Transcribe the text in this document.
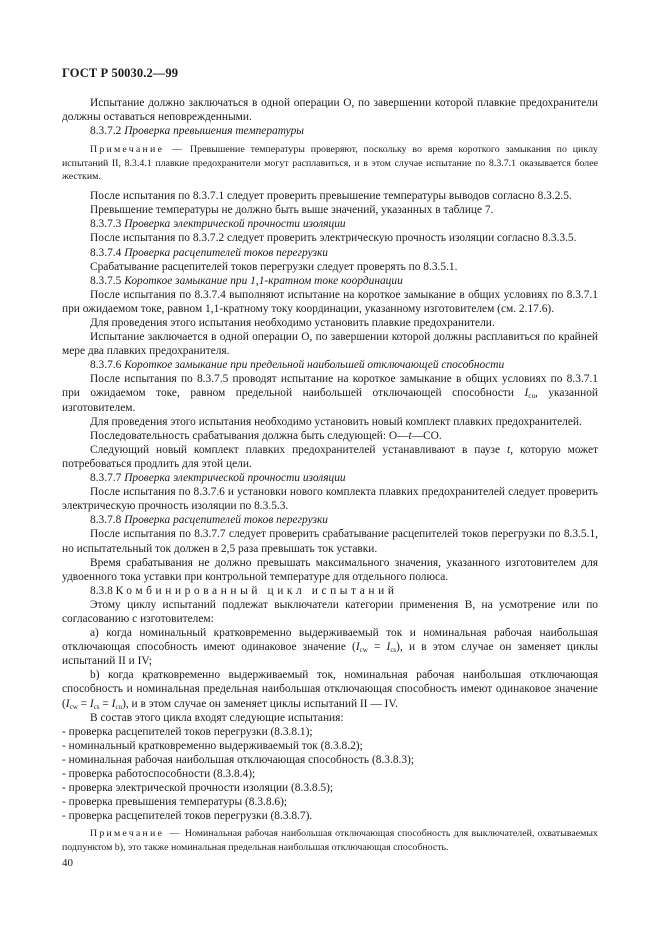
ГОСТ Р 50030.2—99

Испытание должно заключаться в одной операции О, по завершении которой плавкие предохранители должны оставаться неповрежденными.

8.3.7.2 Проверка превышения температуры

Примечание — Превышение температуры проверяют, поскольку во время короткого замыкания по циклу испытаний II, 8.3.4.1 плавкие предохранители могут расплавиться, и в этом случае испытание по 8.3.7.1 оказывается более жестким.

После испытания по 8.3.7.1 следует проверить превышение температуры выводов согласно 8.3.2.5.

Превышение температуры не должно быть выше значений, указанных в таблице 7.

8.3.7.3 Проверка электрической прочности изоляции

После испытания по 8.3.7.2 следует проверить электрическую прочность изоляции согласно 8.3.3.5.

8.3.7.4 Проверка расцепителей токов перегрузки

Срабатывание расцепителей токов перегрузки следует проверять по 8.3.5.1.

8.3.7.5 Короткое замыкание при 1,1-кратном токе координации

После испытания по 8.3.7.4 выполняют испытание на короткое замыкание в общих условиях по 8.3.7.1 при ожидаемом токе, равном 1,1-кратному току координации, указанному изготовителем (см. 2.17.6).

Для проведения этого испытания необходимо установить плавкие предохранители.

Испытание заключается в одной операции О, по завершении которой должны расплавиться по крайней мере два плавких предохранителя.

8.3.7.6 Короткое замыкание при предельной наибольшей отключающей способности

После испытания по 8.3.7.5 проводят испытание на короткое замыкание в общих условиях по 8.3.7.1 при ожидаемом токе, равном предельной наибольшей отключающей способности $I_{cu}$, указанной изготовителем.

Для проведения этого испытания необходимо установить новый комплект плавких предохранителей.

Последовательность срабатывания должна быть следующей: О—t—СО.

Следующий новый комплект плавких предохранителей устанавливают в паузе t, которую может потребоваться продлить для этой цели.

8.3.7.7 Проверка электрической прочности изоляции

После испытания по 8.3.7.6 и установки нового комплекта плавких предохранителей следует проверить электрическую прочность изоляции по 8.3.5.3.

8.3.7.8 Проверка расцепителей токов перегрузки

После испытания по 8.3.7.7 следует проверить срабатывание расцепителей токов перегрузки по 8.3.5.1, но испытательный ток должен в 2,5 раза превышать ток уставки.

Время срабатывания не должно превышать максимального значения, указанного изготовителем для удвоенного тока уставки при контрольной температуре для отдельного полюса.

8.3.8 Комбинированный цикл испытаний

Этому циклу испытаний подлежат выключатели категории применения В, на усмотрение или по согласованию с изготовителем:

а) когда номинальный кратковременно выдерживаемый ток и номинальная рабочая наибольшая отключающая способность имеют одинаковое значение $(I_{cw} = I_{cs})$, и в этом случае он заменяет циклы испытаний II и IV;

b) когда кратковременно выдерживаемый ток, номинальная рабочая наибольшая отключающая способность и номинальная предельная наибольшая отключающая способность имеют одинаковое значение $(I_{cw} = I_{cs} = I_{cu})$, и в этом случае он заменяет циклы испытаний II — IV.

В состав этого цикла входят следующие испытания:

- проверка расцепителей токов перегрузки (8.3.8.1);

- номинальный кратковременно выдерживаемый ток (8.3.8.2);

- номинальная рабочая наибольшая отключающая способность (8.3.8.3);

- проверка работоспособности (8.3.8.4);

- проверка электрической прочности изоляции (8.3.8.5);

- проверка превышения температуры (8.3.8.6);

- проверка расцепителей токов перегрузки (8.3.8.7).

Примечание — Номинальная рабочая наибольшая отключающая способность для выключателей, охватываемых подпунктом b), это также номинальная предельная наибольшая отключающая способность.

40
